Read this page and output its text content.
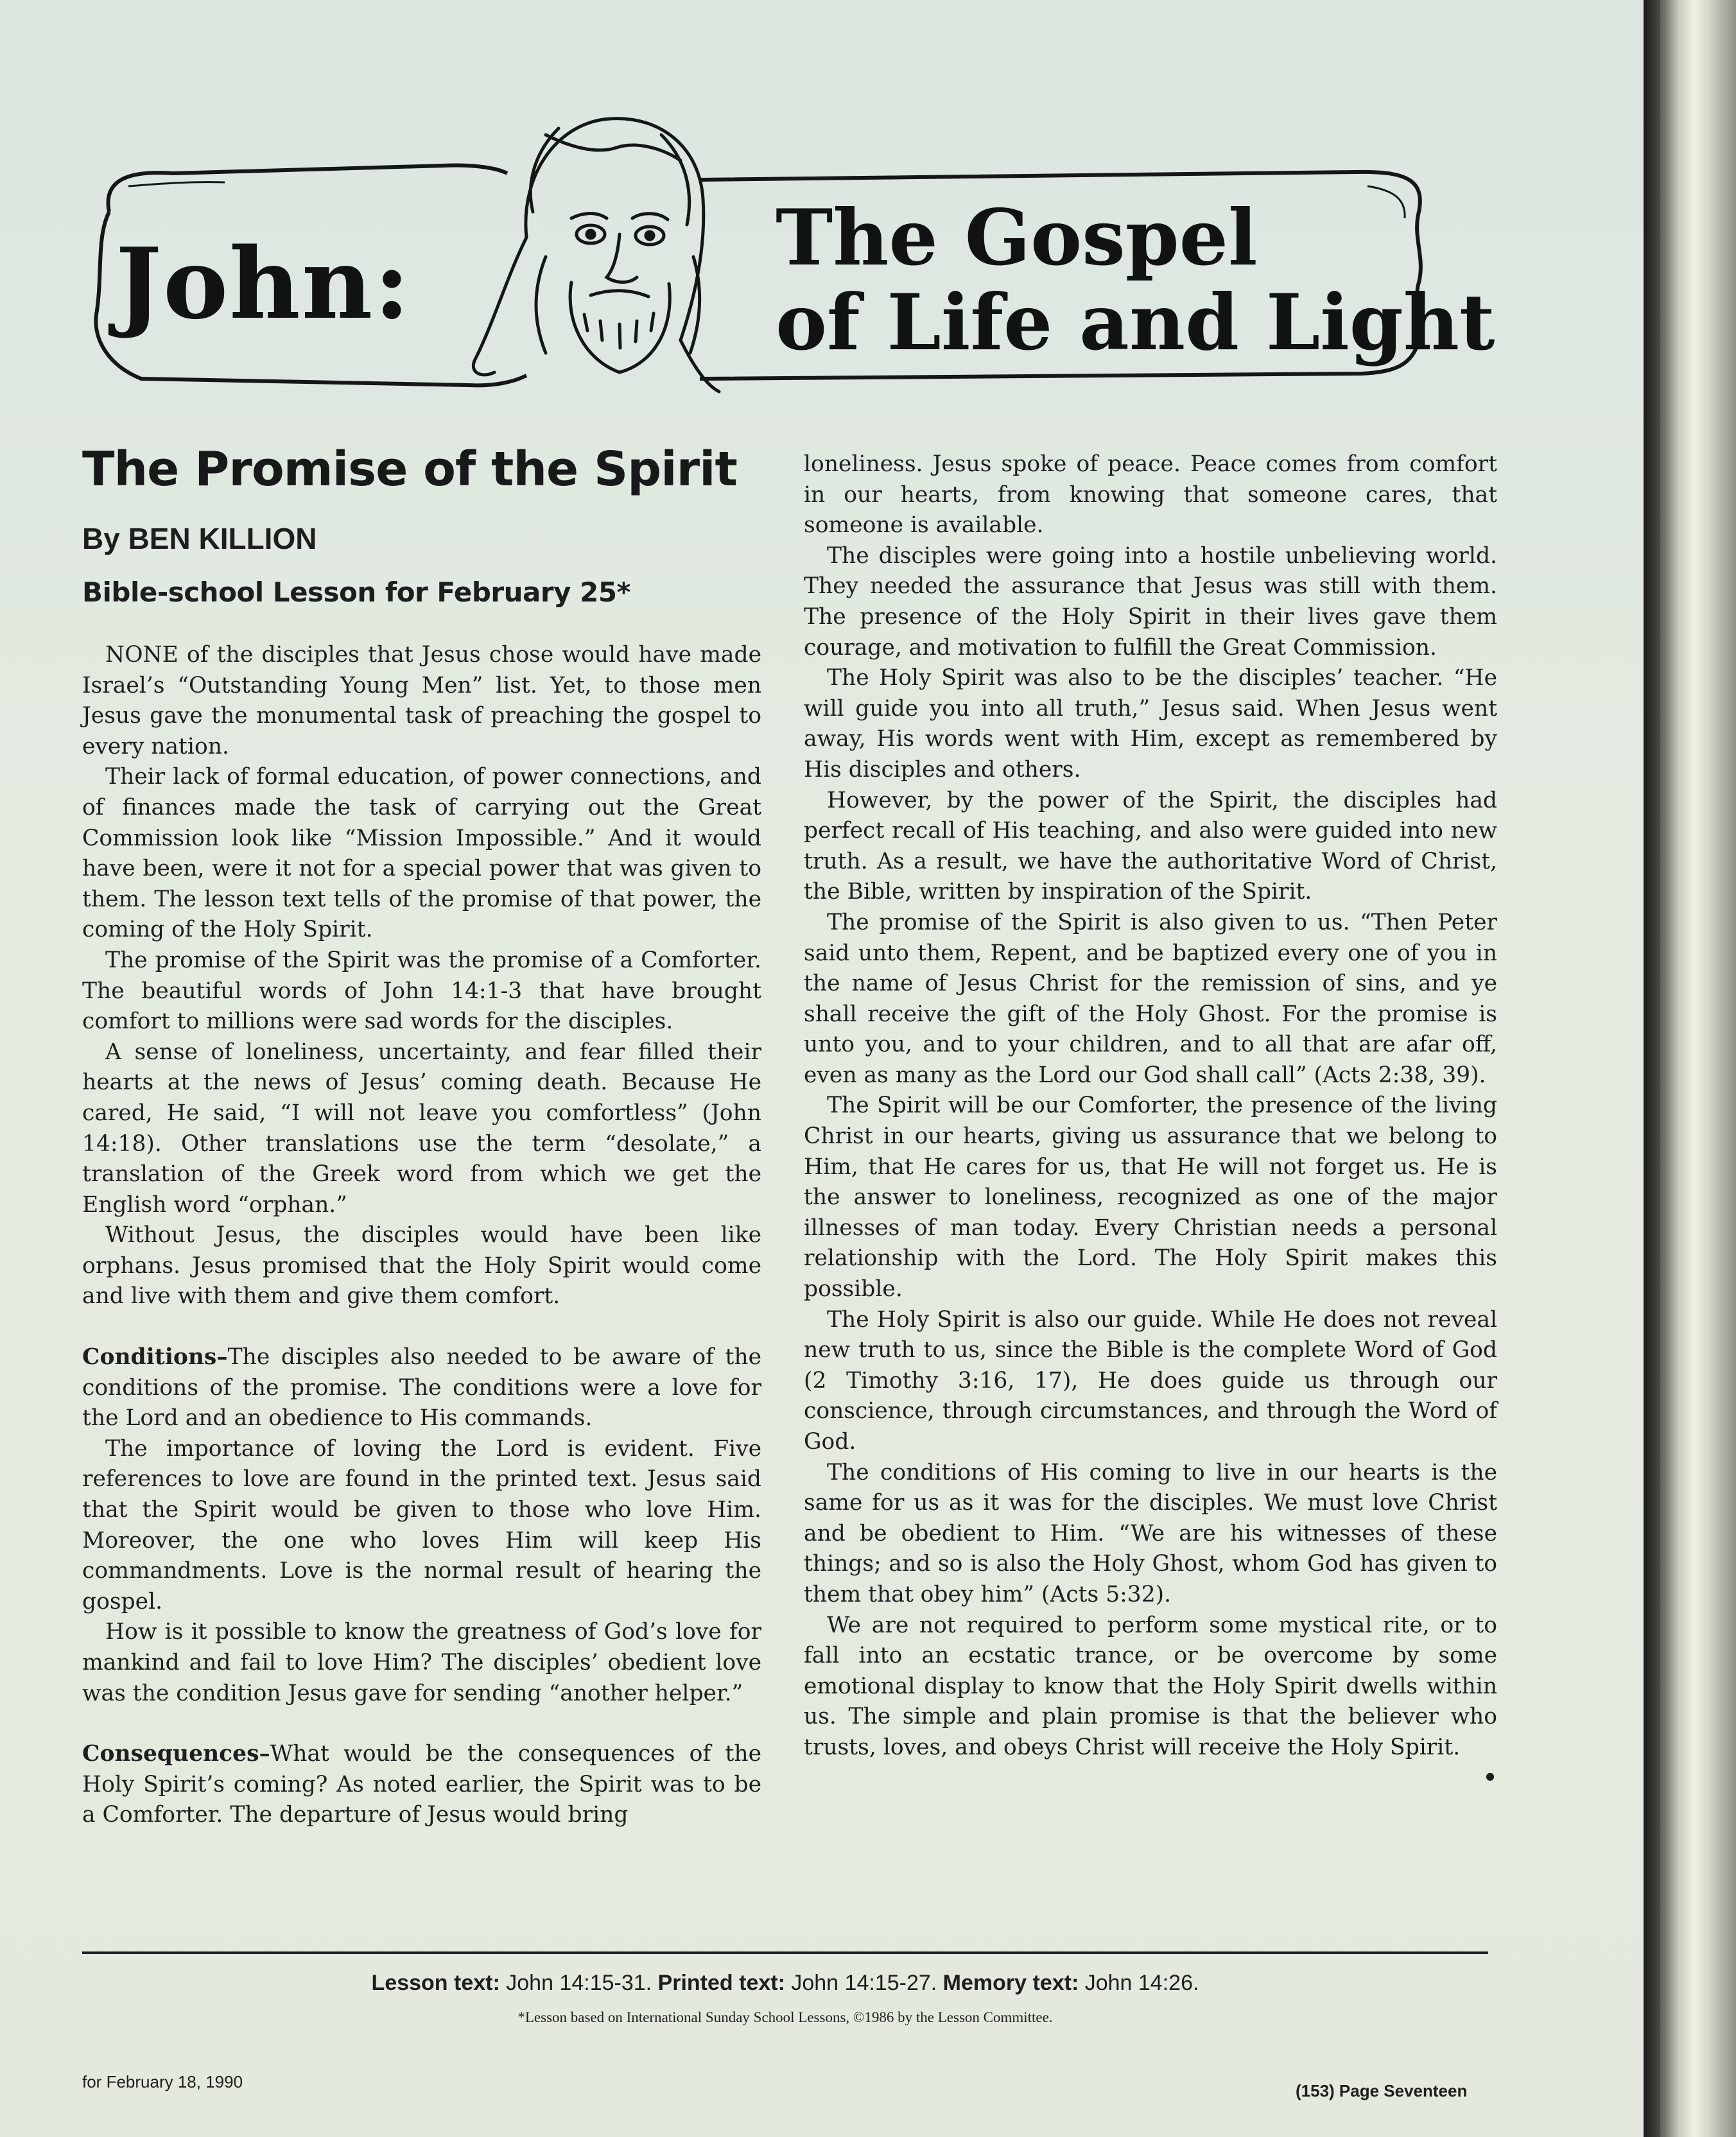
John:	The Gospel
of Life and Light
The Promise of the Spirit
By BEN KILLION
Bible-school Lesson for February 25*

NONE of the disciples that Jesus chose would have made Israel’s “Outstanding Young Men” list. Yet, to those men Jesus gave the monumental task of preaching the gospel to every nation.

Their lack of formal education, of power connections, and of finances made the task of carrying out the Great Commission look like “Mission Impossible.” And it would have been, were it not for a special power that was given to them. The lesson text tells of the promise of that power, the coming of the Holy Spirit.

The promise of the Spirit was the promise of a Comforter. The beautiful words of John 14:1-3 that have brought comfort to millions were sad words for the disciples.

A sense of loneliness, uncertainty, and fear filled their hearts at the news of Jesus’ coming death. Because He cared, He said, “I will not leave you comfortless” (John 14:18). Other translations use the term “desolate,” a translation of the Greek word from which we get the English word “orphan.”

Without Jesus, the disciples would have been like orphans. Jesus promised that the Holy Spirit would come and live with them and give them comfort.

Conditions–The disciples also needed to be aware of the conditions of the promise. The conditions were a love for the Lord and an obedience to His commands.

The importance of loving the Lord is evident. Five references to love are found in the printed text. Jesus said that the Spirit would be given to those who love Him. Moreover, the one who loves Him will keep His commandments. Love is the normal result of hearing the gospel.

How is it possible to know the greatness of God’s love for mankind and fail to love Him? The disciples’ obedient love was the condition Jesus gave for sending “another helper.”

Consequences–What would be the consequences of the Holy Spirit’s coming? As noted earlier, the Spirit was to be a Comforter. The departure of Jesus would bring

loneliness. Jesus spoke of peace. Peace comes from comfort in our hearts, from knowing that someone cares, that someone is available.

The disciples were going into a hostile unbelieving world. They needed the assurance that Jesus was still with them. The presence of the Holy Spirit in their lives gave them courage, and motivation to fulfill the Great Commission.

The Holy Spirit was also to be the disciples’ teacher. “He will guide you into all truth,” Jesus said. When Jesus went away, His words went with Him, except as remembered by His disciples and others.

However, by the power of the Spirit, the disciples had perfect recall of His teaching, and also were guided into new truth. As a result, we have the authoritative Word of Christ, the Bible, written by inspiration of the Spirit.

The promise of the Spirit is also given to us. “Then Peter said unto them, Repent, and be baptized every one of you in the name of Jesus Christ for the remission of sins, and ye shall receive the gift of the Holy Ghost. For the promise is unto you, and to your children, and to all that are afar off, even as many as the Lord our God shall call” (Acts 2:38, 39).

The Spirit will be our Comforter, the presence of the living Christ in our hearts, giving us assurance that we belong to Him, that He cares for us, that He will not forget us. He is the answer to loneliness, recognized as one of the major illnesses of man today. Every Christian needs a personal relationship with the Lord. The Holy Spirit makes this possible.

The Holy Spirit is also our guide. While He does not reveal new truth to us, since the Bible is the complete Word of God (2 Timothy 3:16, 17), He does guide us through our conscience, through circumstances, and through the Word of God.

The conditions of His coming to live in our hearts is the same for us as it was for the disciples. We must love Christ and be obedient to Him. “We are his witnesses of these things; and so is also the Holy Ghost, whom God has given to them that obey him” (Acts 5:32).

We are not required to perform some mystical rite, or to fall into an ecstatic trance, or be overcome by some emotional display to know that the Holy Spirit dwells within us. The simple and plain promise is that the believer who trusts, loves, and obeys Christ will receive the Holy Spirit.
•

Lesson text: John 14:15-31. Printed text: John 14:15-27. Memory text: John 14:26.
*Lesson based on International Sunday School Lessons, ©1986 by the Lesson Committee.
for February 18, 1990	(153) Page Seventeen
